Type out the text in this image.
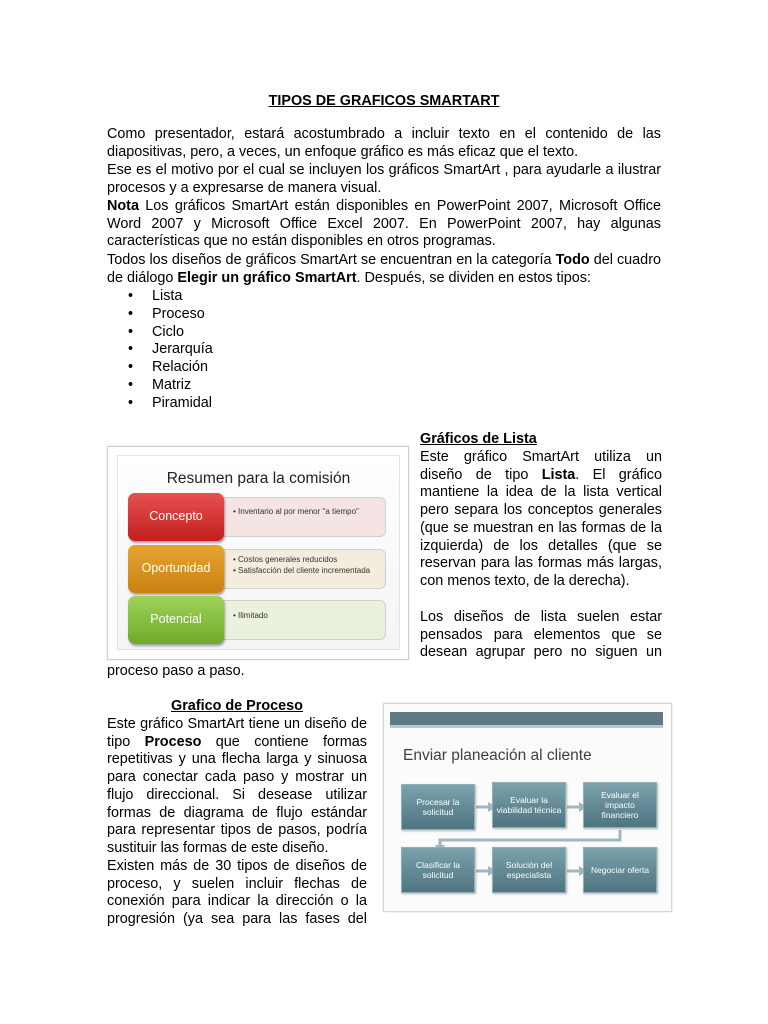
TIPOS DE GRAFICOS SMARTART
Como presentador, estará acostumbrado a incluir texto en el contenido de las diapositivas, pero, a veces, un enfoque gráfico es más eficaz que el texto.
Ese es el motivo por el cual se incluyen los gráficos SmartArt , para ayudarle a ilustrar procesos y a expresarse de manera visual.
Nota Los gráficos SmartArt están disponibles en PowerPoint 2007, Microsoft Office Word 2007 y Microsoft Office Excel 2007. En PowerPoint 2007, hay algunas características que no están disponibles en otros programas.
Todos los diseños de gráficos SmartArt se encuentran en la categoría Todo del cuadro de diálogo Elegir un gráfico SmartArt. Después, se dividen en estos tipos:
• Lista
• Proceso
• Ciclo
• Jerarquía
• Relación
• Matriz
• Piramidal
Resumen para la comisión
• Inventario al por menor "a tiempo"
Concepto
• Costos generales reducidos
• Satisfacción del cliente incrementada
Oportunidad
• Ilimitado
Potencial
Gráficos de Lista
Este gráfico SmartArt utiliza un diseño de tipo Lista. El gráfico mantiene la idea de la lista vertical pero separa los conceptos generales (que se muestran en las formas de la izquierda) de los detalles (que se reservan para las formas más largas, con menos texto, de la derecha).
Los diseños de lista suelen estar pensados para elementos que se desean agrupar pero no siguen un
proceso paso a paso.
Grafico de Proceso
Este gráfico SmartArt tiene un diseño de tipo Proceso que contiene formas repetitivas y una flecha larga y sinuosa para conectar cada paso y mostrar un flujo direccional. Si desease utilizar formas de diagrama de flujo estándar para representar tipos de pasos, podría sustituir las formas de este diseño.
Existen más de 30 tipos de diseños de proceso, y suelen incluir flechas de conexión para indicar la dirección o la progresión (ya sea para las fases del
Enviar planeación al cliente
Procesar la solicitud
Evaluar la viabilidad técnica
Evaluar el impacto financiero
Clasificar la solicitud
Solución del especialista	Negociar oferta
